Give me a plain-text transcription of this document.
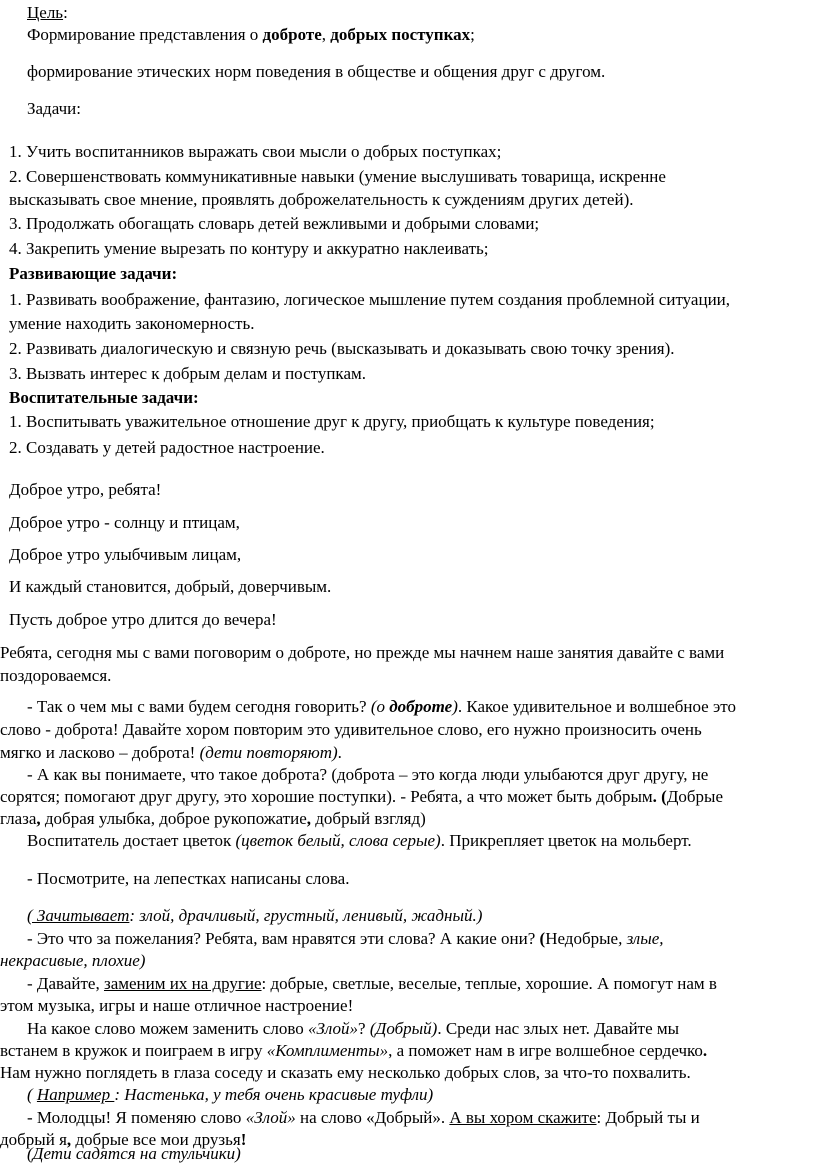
Цель:
Формирование представления о доброте, добрых поступках;
формирование этических норм поведения в обществе и общения друг с другом.
Задачи:
1. Учить воспитанников выражать свои мысли о добрых поступках;
2. Совершенствовать коммуникативные навыки (умение выслушивать товарища, искренне
высказывать свое мнение, проявлять доброжелательность к суждениям других детей).
3. Продолжать обогащать словарь детей вежливыми и добрыми словами;
4. Закрепить умение вырезать по контуру и аккуратно наклеивать;
Развивающие задачи:
1. Развивать воображение, фантазию, логическое мышление путем создания проблемной ситуации,
умение находить закономерность.
2. Развивать диалогическую и связную речь (высказывать и доказывать свою точку зрения).
3. Вызвать интерес к добрым делам и поступкам.
Воспитательные задачи:
1. Воспитывать уважительное отношение друг к другу, приобщать к культуре поведения;
2. Создавать у детей радостное настроение.
Доброе утро, ребята!
Доброе утро - солнцу и птицам,
Доброе утро улыбчивым лицам,
И каждый становится, добрый, доверчивым.
Пусть доброе утро длится до вечера!
Ребята, сегодня мы с вами поговорим о доброте, но прежде мы начнем наше занятия давайте с вами
поздороваемся.
- Так о чем мы с вами будем сегодня говорить? (о доброте). Какое удивительное и волшебное это
слово - доброта! Давайте хором повторим это удивительное слово, его нужно произносить очень
мягко и ласково – доброта! (дети повторяют).
- А как вы понимаете, что такое доброта? (доброта – это когда люди улыбаются друг другу, не
сорятся; помогают друг другу, это хорошие поступки). - Ребята, а что может быть добрым. (Добрые
глаза, добрая улыбка, доброе рукопожатие, добрый взгляд)
Воспитатель достает цветок (цветок белый, слова серые). Прикрепляет цветок на мольберт.
- Посмотрите, на лепестках написаны слова.
( Зачитывает: злой, драчливый, грустный, ленивый, жадный.)
- Это что за пожелания? Ребята, вам нравятся эти слова? А какие они? (Недобрые, злые,
некрасивые, плохие)
- Давайте, заменим их на другие: добрые, светлые, веселые, теплые, хорошие. А помогут нам в
этом музыка, игры и наше отличное настроение!
На какое слово можем заменить слово «Злой»? (Добрый). Среди нас злых нет. Давайте мы
встанем в кружок и поиграем в игру «Комплименты», а поможет нам в игре волшебное сердечко.
Нам нужно поглядеть в глаза соседу и сказать ему несколько добрых слов, за что-то похвалить.
( Например : Настенька, у тебя очень красивые туфли)
- Молодцы! Я поменяю слово «Злой» на слово «Добрый». А вы хором скажите: Добрый ты и
добрый я, добрые все мои друзья!
(Дети садятся на стульчики)
